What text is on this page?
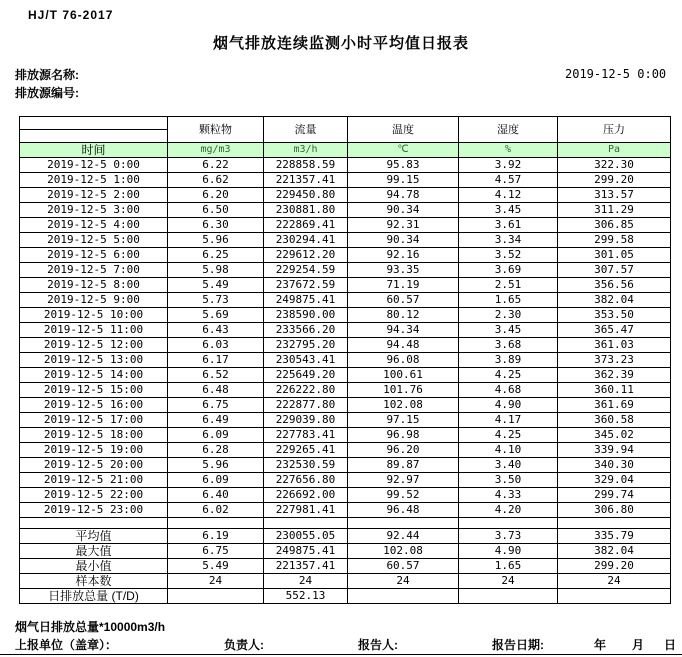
HJ/T 76-2017
烟气排放连续监测小时平均值日报表
排放源名称:	2019-12-5 0:00
排放源编号:
	颗粒物	流量	温度	湿度	压力

时间	mg/m3	m3/h	℃	%	Pa
2019-12-5 0:00	6.22	228858.59	95.83	3.92	322.30
2019-12-5 1:00	6.62	221357.41	99.15	4.57	299.20
2019-12-5 2:00	6.20	229450.80	94.78	4.12	313.57
2019-12-5 3:00	6.50	230881.80	90.34	3.45	311.29
2019-12-5 4:00	6.30	222869.41	92.31	3.61	306.85
2019-12-5 5:00	5.96	230294.41	90.34	3.34	299.58
2019-12-5 6:00	6.25	229612.20	92.16	3.52	301.05
2019-12-5 7:00	5.98	229254.59	93.35	3.69	307.57
2019-12-5 8:00	5.49	237672.59	71.19	2.51	356.56
2019-12-5 9:00	5.73	249875.41	60.57	1.65	382.04
2019-12-5 10:00	5.69	238590.00	80.12	2.30	353.50
2019-12-5 11:00	6.43	233566.20	94.34	3.45	365.47
2019-12-5 12:00	6.03	232795.20	94.48	3.68	361.03
2019-12-5 13:00	6.17	230543.41	96.08	3.89	373.23
2019-12-5 14:00	6.52	225649.20	100.61	4.25	362.39
2019-12-5 15:00	6.48	226222.80	101.76	4.68	360.11
2019-12-5 16:00	6.75	222877.80	102.08	4.90	361.69
2019-12-5 17:00	6.49	229039.80	97.15	4.17	360.58
2019-12-5 18:00	6.09	227783.41	96.98	4.25	345.02
2019-12-5 19:00	6.28	229265.41	96.20	4.10	339.94
2019-12-5 20:00	5.96	232530.59	89.87	3.40	340.30
2019-12-5 21:00	6.09	227656.80	92.97	3.50	329.04
2019-12-5 22:00	6.40	226692.00	99.52	4.33	299.74
2019-12-5 23:00	6.02	227981.41	96.48	4.20	306.80

平均值	6.19	230055.05	92.44	3.73	335.79
最大值	6.75	249875.41	102.08	4.90	382.04
最小值	5.49	221357.41	60.57	1.65	299.20
样本数	24	24	24	24	24
日排放总量 (T/D)		552.13			
烟气日排放总量*10000m3/h
上报单位（盖章）：	负责人:	报告人:	报告日期:	年 月 日
